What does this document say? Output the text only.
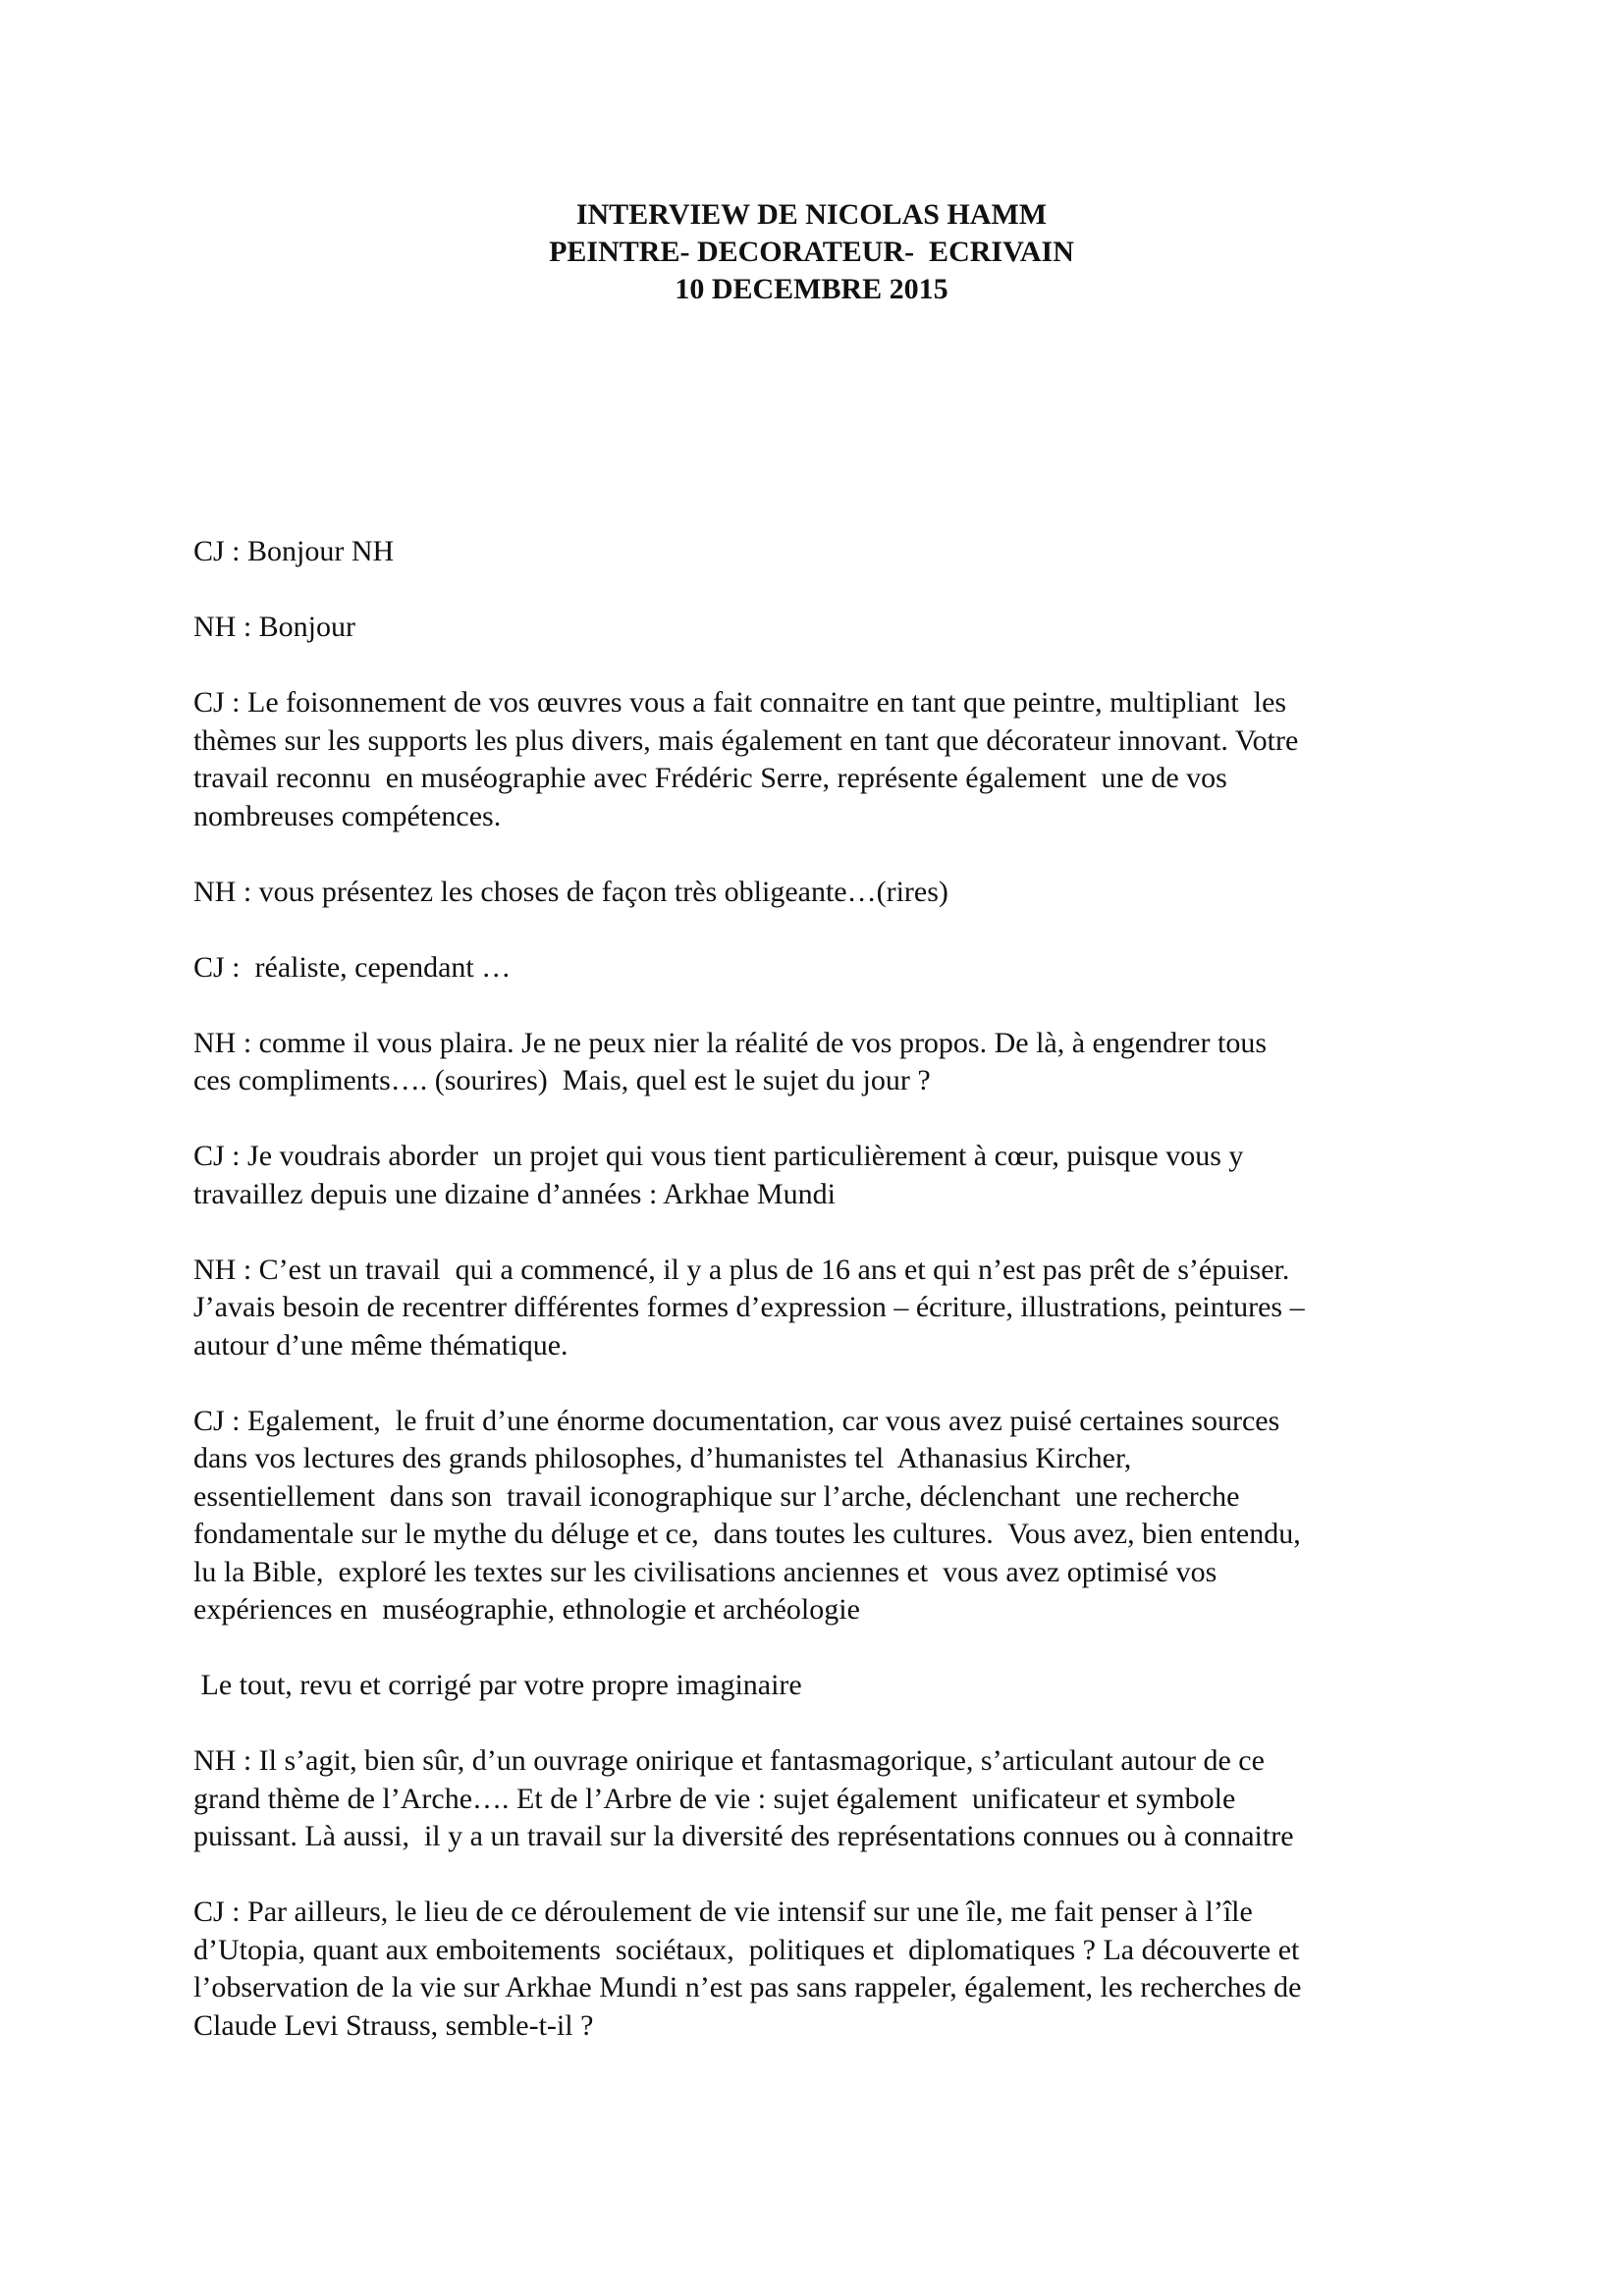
INTERVIEW DE NICOLAS HAMM
PEINTRE- DECORATEUR-  ECRIVAIN
10 DECEMBRE 2015
CJ : Bonjour NH
NH : Bonjour
CJ : Le foisonnement de vos œuvres vous a fait connaitre en tant que peintre, multipliant  les
thèmes sur les supports les plus divers, mais également en tant que décorateur innovant. Votre
travail reconnu  en muséographie avec Frédéric Serre, représente également  une de vos
nombreuses compétences.
NH : vous présentez les choses de façon très obligeante…(rires)
CJ :  réaliste, cependant …
NH : comme il vous plaira. Je ne peux nier la réalité de vos propos. De là, à engendrer tous
ces compliments…. (sourires)  Mais, quel est le sujet du jour ?
CJ : Je voudrais aborder  un projet qui vous tient particulièrement à cœur, puisque vous y
travaillez depuis une dizaine d’années : Arkhae Mundi
NH : C’est un travail  qui a commencé, il y a plus de 16 ans et qui n’est pas prêt de s’épuiser.
J’avais besoin de recentrer différentes formes d’expression – écriture, illustrations, peintures –
autour d’une même thématique.
CJ : Egalement,  le fruit d’une énorme documentation, car vous avez puisé certaines sources
dans vos lectures des grands philosophes, d’humanistes tel  Athanasius Kircher,
essentiellement  dans son  travail iconographique sur l’arche, déclenchant  une recherche
fondamentale sur le mythe du déluge et ce,  dans toutes les cultures.  Vous avez, bien entendu,
lu la Bible,  exploré les textes sur les civilisations anciennes et  vous avez optimisé vos
expériences en  muséographie, ethnologie et archéologie
Le tout, revu et corrigé par votre propre imaginaire
NH : Il s’agit, bien sûr, d’un ouvrage onirique et fantasmagorique, s’articulant autour de ce
grand thème de l’Arche…. Et de l’Arbre de vie : sujet également  unificateur et symbole
puissant. Là aussi,  il y a un travail sur la diversité des représentations connues ou à connaitre
CJ : Par ailleurs, le lieu de ce déroulement de vie intensif sur une île, me fait penser à l’île
d’Utopia, quant aux emboitements  sociétaux,  politiques et  diplomatiques ? La découverte et
l’observation de la vie sur Arkhae Mundi n’est pas sans rappeler, également, les recherches de
Claude Levi Strauss, semble-t-il ?
